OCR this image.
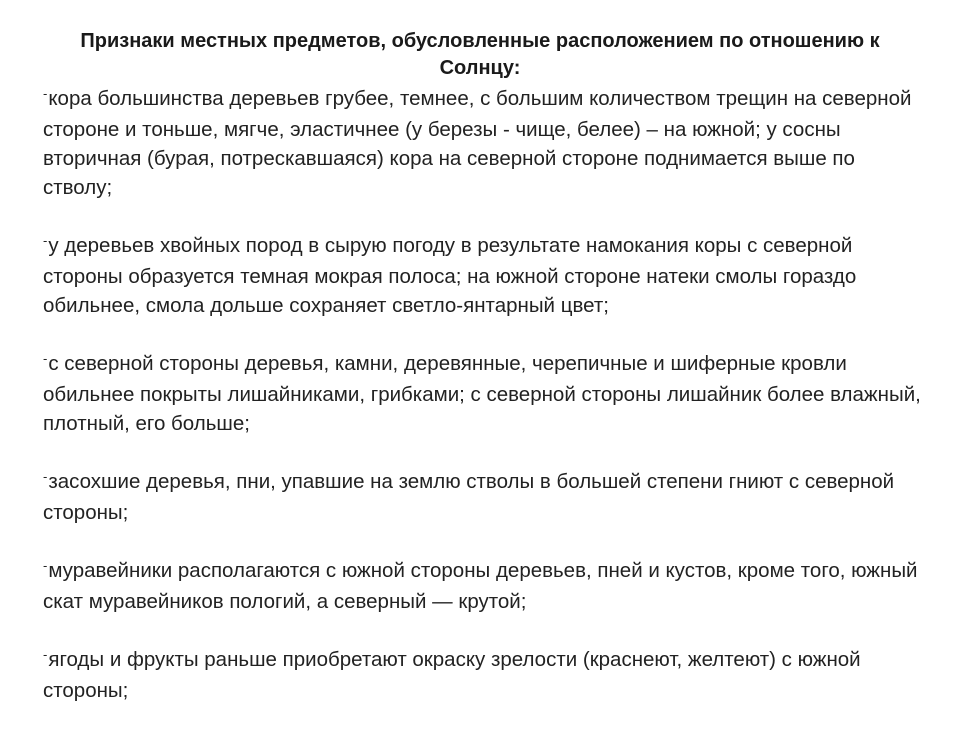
Признаки местных предметов, обусловленные расположением по отношению к Солнцу:
-кора большинства деревьев грубее, темнее, с большим количеством трещин на северной стороне и тоньше, мягче, эластичнее (у березы - чище, белее) – на южной; у сосны вторичная (бурая, потрескавшаяся) кора на северной стороне поднимается выше по стволу;
-у деревьев хвойных пород в сырую погоду в результате намокания коры с северной стороны образуется темная мокрая полоса; на южной стороне натеки смолы гораздо обильнее, смола дольше сохраняет светло-янтарный цвет;
-с северной стороны деревья, камни, деревянные, черепичные и шиферные кровли обильнее покрыты лишайниками, грибками; с северной стороны лишайник более влажный, плотный, его больше;
-засохшие деревья, пни, упавшие на землю стволы в большей степени гниют с северной стороны;
-муравейники располагаются с южной стороны деревьев, пней и кустов, кроме того, южный скат муравейников пологий, а северный — крутой;
-ягоды и фрукты раньше приобретают окраску зрелости (краснеют, желтеют) с южной стороны;
